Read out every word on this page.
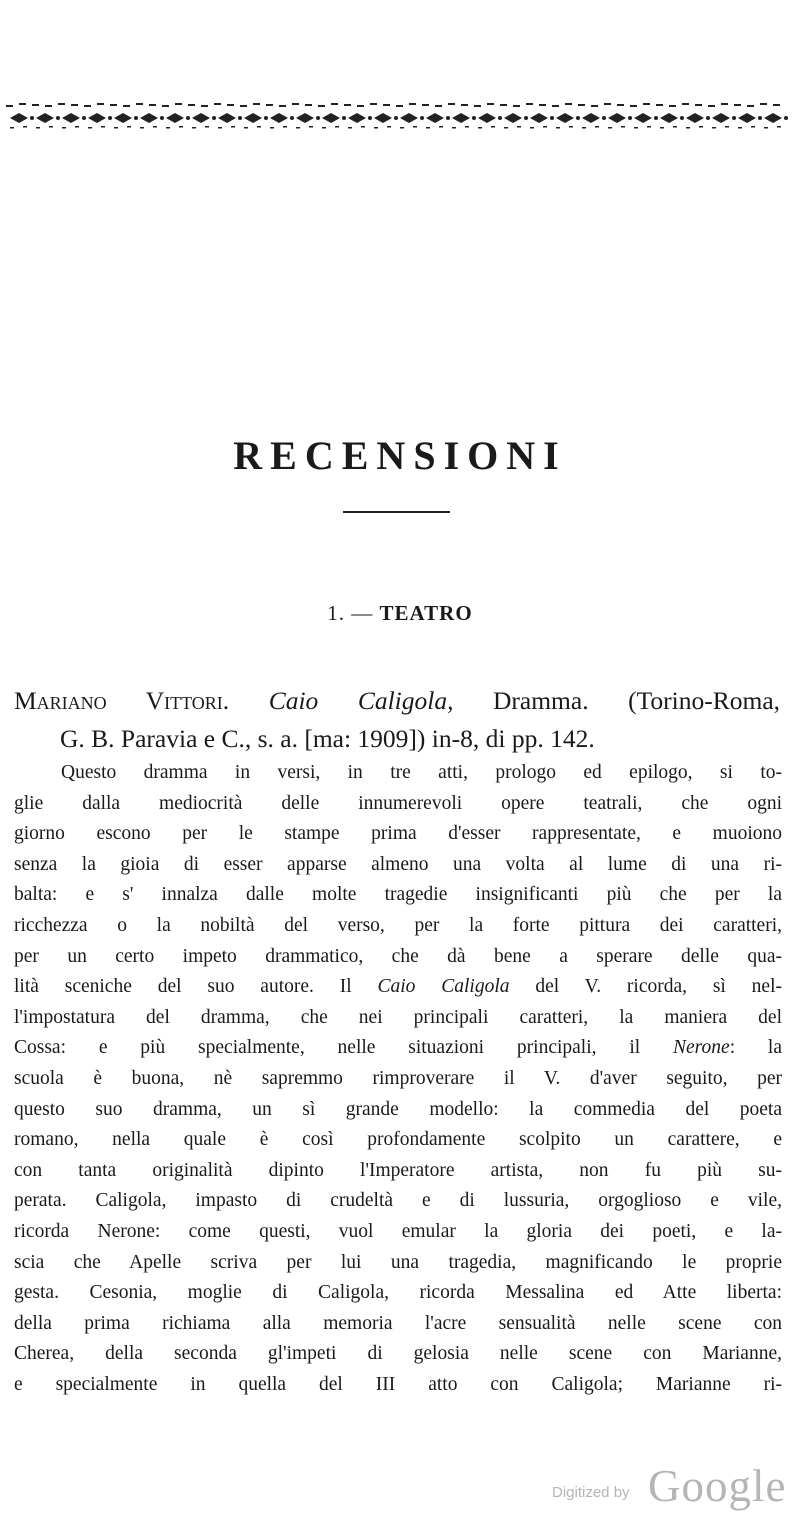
RECENSIONI
1. — TEATRO
Mariano Vittori. Caio Caligola, Dramma. (Torino-Roma,
G. B. Paravia e C., s. a. [ma: 1909]) in-8, di pp. 142.
Questo dramma in versi, in tre atti, prologo ed epilogo, si to-
glie dalla mediocrità delle innumerevoli opere teatrali, che ogni
giorno escono per le stampe prima d'esser rappresentate, e muoiono
senza la gioia di esser apparse almeno una volta al lume di una ri-
balta: e s' innalza dalle molte tragedie insignificanti più che per la
ricchezza o la nobiltà del verso, per la forte pittura dei caratteri,
per un certo impeto drammatico, che dà bene a sperare delle qua-
lità sceniche del suo autore. Il Caio Caligola del V. ricorda, sì nel-
l'impostatura del dramma, che nei principali caratteri, la maniera del
Cossa: e più specialmente, nelle situazioni principali, il Nerone: la
scuola è buona, nè sapremmo rimproverare il V. d'aver seguito, per
questo suo dramma, un sì grande modello: la commedia del poeta
romano, nella quale è così profondamente scolpito un carattere, e
con tanta originalità dipinto l'Imperatore artista, non fu più su-
perata. Caligola, impasto di crudeltà e di lussuria, orgoglioso e vile,
ricorda Nerone: come questi, vuol emular la gloria dei poeti, e la-
scia che Apelle scriva per lui una tragedia, magnificando le proprie
gesta. Cesonia, moglie di Caligola, ricorda Messalina ed Atte liberta:
della prima richiama alla memoria l'acre sensualità nelle scene con
Cherea, della seconda gl'impeti di gelosia nelle scene con Marianne,
e specialmente in quella del III atto con Caligola; Marianne ri-
Digitized by Google
